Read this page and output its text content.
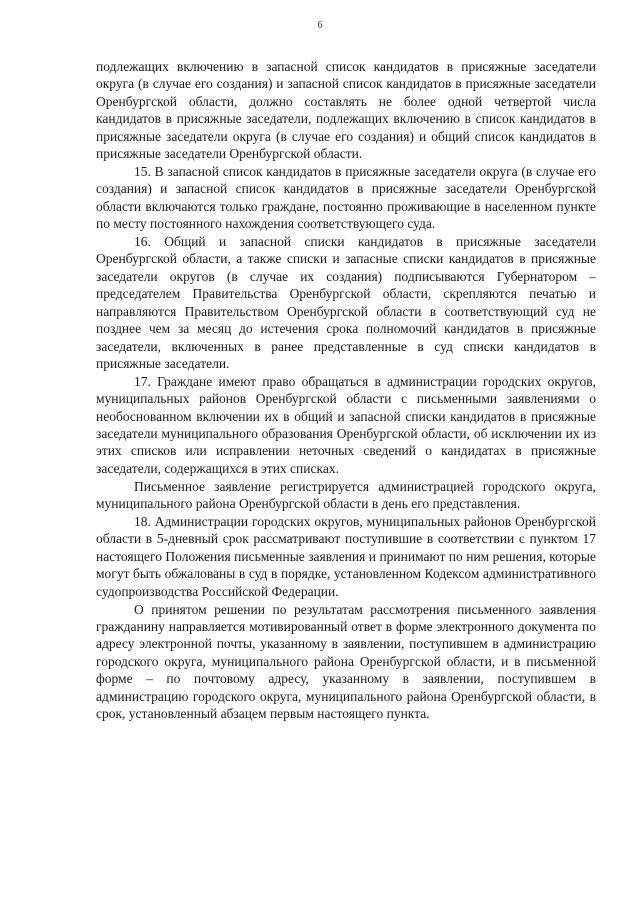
6

подлежащих включению в запасной список кандидатов в присяжные заседатели округа (в случае его создания) и запасной список кандидатов в присяжные заседатели Оренбургской области, должно составлять не более одной четвертой числа кандидатов в присяжные заседатели, подлежащих включению в список кандидатов в присяжные заседатели округа (в случае его создания) и общий список кандидатов в присяжные заседатели Оренбургской области.

15. В запасной список кандидатов в присяжные заседатели округа (в случае его создания) и запасной список кандидатов в присяжные заседатели Оренбургской области включаются только граждане, постоянно проживающие в населенном пункте по месту постоянного нахождения соответствующего суда.

16. Общий и запасной списки кандидатов в присяжные заседатели Оренбургской области, а также списки и запасные списки кандидатов в присяжные заседатели округов (в случае их создания) подписываются Губернатором – председателем Правительства Оренбургской области, скрепляются печатью и направляются Правительством Оренбургской области в соответствующий суд не позднее чем за месяц до истечения срока полномочий кандидатов в присяжные заседатели, включенных в ранее представленные в суд списки кандидатов в присяжные заседатели.

17. Граждане имеют право обращаться в администрации городских округов, муниципальных районов Оренбургской области с письменными заявлениями о необоснованном включении их в общий и запасной списки кандидатов в присяжные заседатели муниципального образования Оренбургской области, об исключении их из этих списков или исправлении неточных сведений о кандидатах в присяжные заседатели, содержащихся в этих списках.

Письменное заявление регистрируется администрацией городского округа, муниципального района Оренбургской области в день его представления.

18. Администрации городских округов, муниципальных районов Оренбургской области в 5-дневный срок рассматривают поступившие в соответствии с пунктом 17 настоящего Положения письменные заявления и принимают по ним решения, которые могут быть обжалованы в суд в порядке, установленном Кодексом административного судопроизводства Российской Федерации.

О принятом решении по результатам рассмотрения письменного заявления гражданину направляется мотивированный ответ в форме электронного документа по адресу электронной почты, указанному в заявлении, поступившем в администрацию городского округа, муниципального района Оренбургской области, и в письменной форме – по почтовому адресу, указанному в заявлении, поступившем в администрацию городского округа, муниципального района Оренбургской области, в срок, установленный абзацем первым настоящего пункта.
